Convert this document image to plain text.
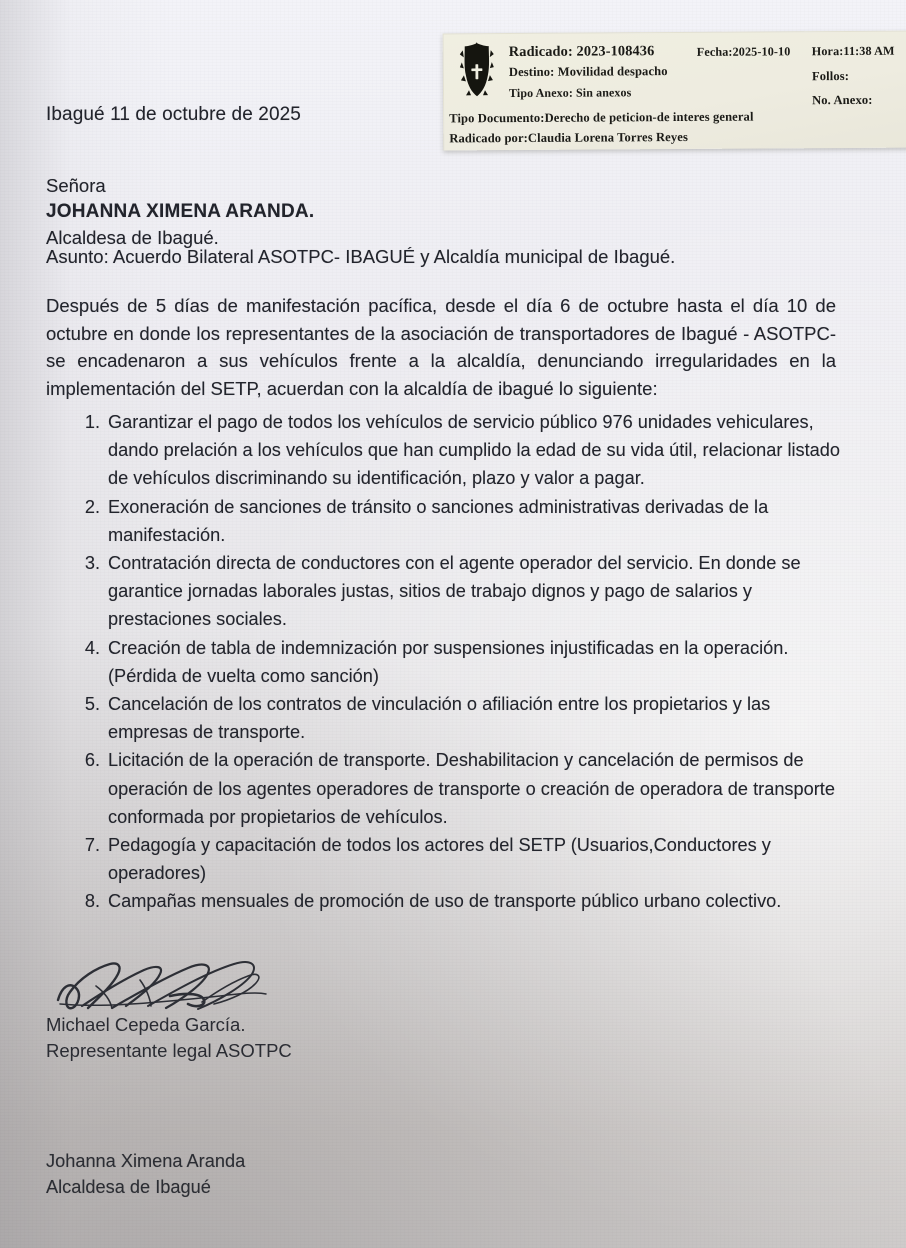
Radicado: 2023-108436
Destino: Movilidad despacho
Tipo Anexo: Sin anexos
Fecha:2025-10-10 Hora:11:38 AM
Follos:
No. Anexo:
Tipo Documento:Derecho de peticion-de interes general
Radicado por:Claudia Lorena Torres Reyes
Ibagué 11 de octubre de 2025
Señora
JOHANNA XIMENA ARANDA.
Alcaldesa de Ibagué.
Asunto: Acuerdo Bilateral ASOTPC- IBAGUÉ y Alcaldía municipal de Ibagué.
Después de 5 días de manifestación pacífica, desde el día 6 de octubre hasta el día 10 de octubre en donde los representantes de la asociación de transportadores de Ibagué - ASOTPC- se encadenaron a sus vehículos frente a la alcaldía, denunciando irregularidades en la implementación del SETP, acuerdan con la alcaldía de ibagué lo siguiente:
1. Garantizar el pago de todos los vehículos de servicio público 976 unidades vehiculares, dando prelación a los vehículos que han cumplido la edad de su vida útil, relacionar listado de vehículos discriminando su identificación, plazo y valor a pagar.
2. Exoneración de sanciones de tránsito o sanciones administrativas derivadas de la manifestación.
3. Contratación directa de conductores con el agente operador del servicio. En donde se garantice jornadas laborales justas, sitios de trabajo dignos y pago de salarios y prestaciones sociales.
4. Creación de tabla de indemnización por suspensiones injustificadas en la operación. (Pérdida de vuelta como sanción)
5. Cancelación de los contratos de vinculación o afiliación entre los propietarios y las empresas de transporte.
6. Licitación de la operación de transporte. Deshabilitacion y cancelación de permisos de operación de los agentes operadores de transporte o creación de operadora de transporte conformada por propietarios de vehículos.
7. Pedagogía y capacitación de todos los actores del SETP (Usuarios,Conductores y operadores)
8. Campañas mensuales de promoción de uso de transporte público urbano colectivo.
Michael Cepeda García.
Representante legal ASOTPC
Johanna Ximena Aranda
Alcaldesa de Ibagué
